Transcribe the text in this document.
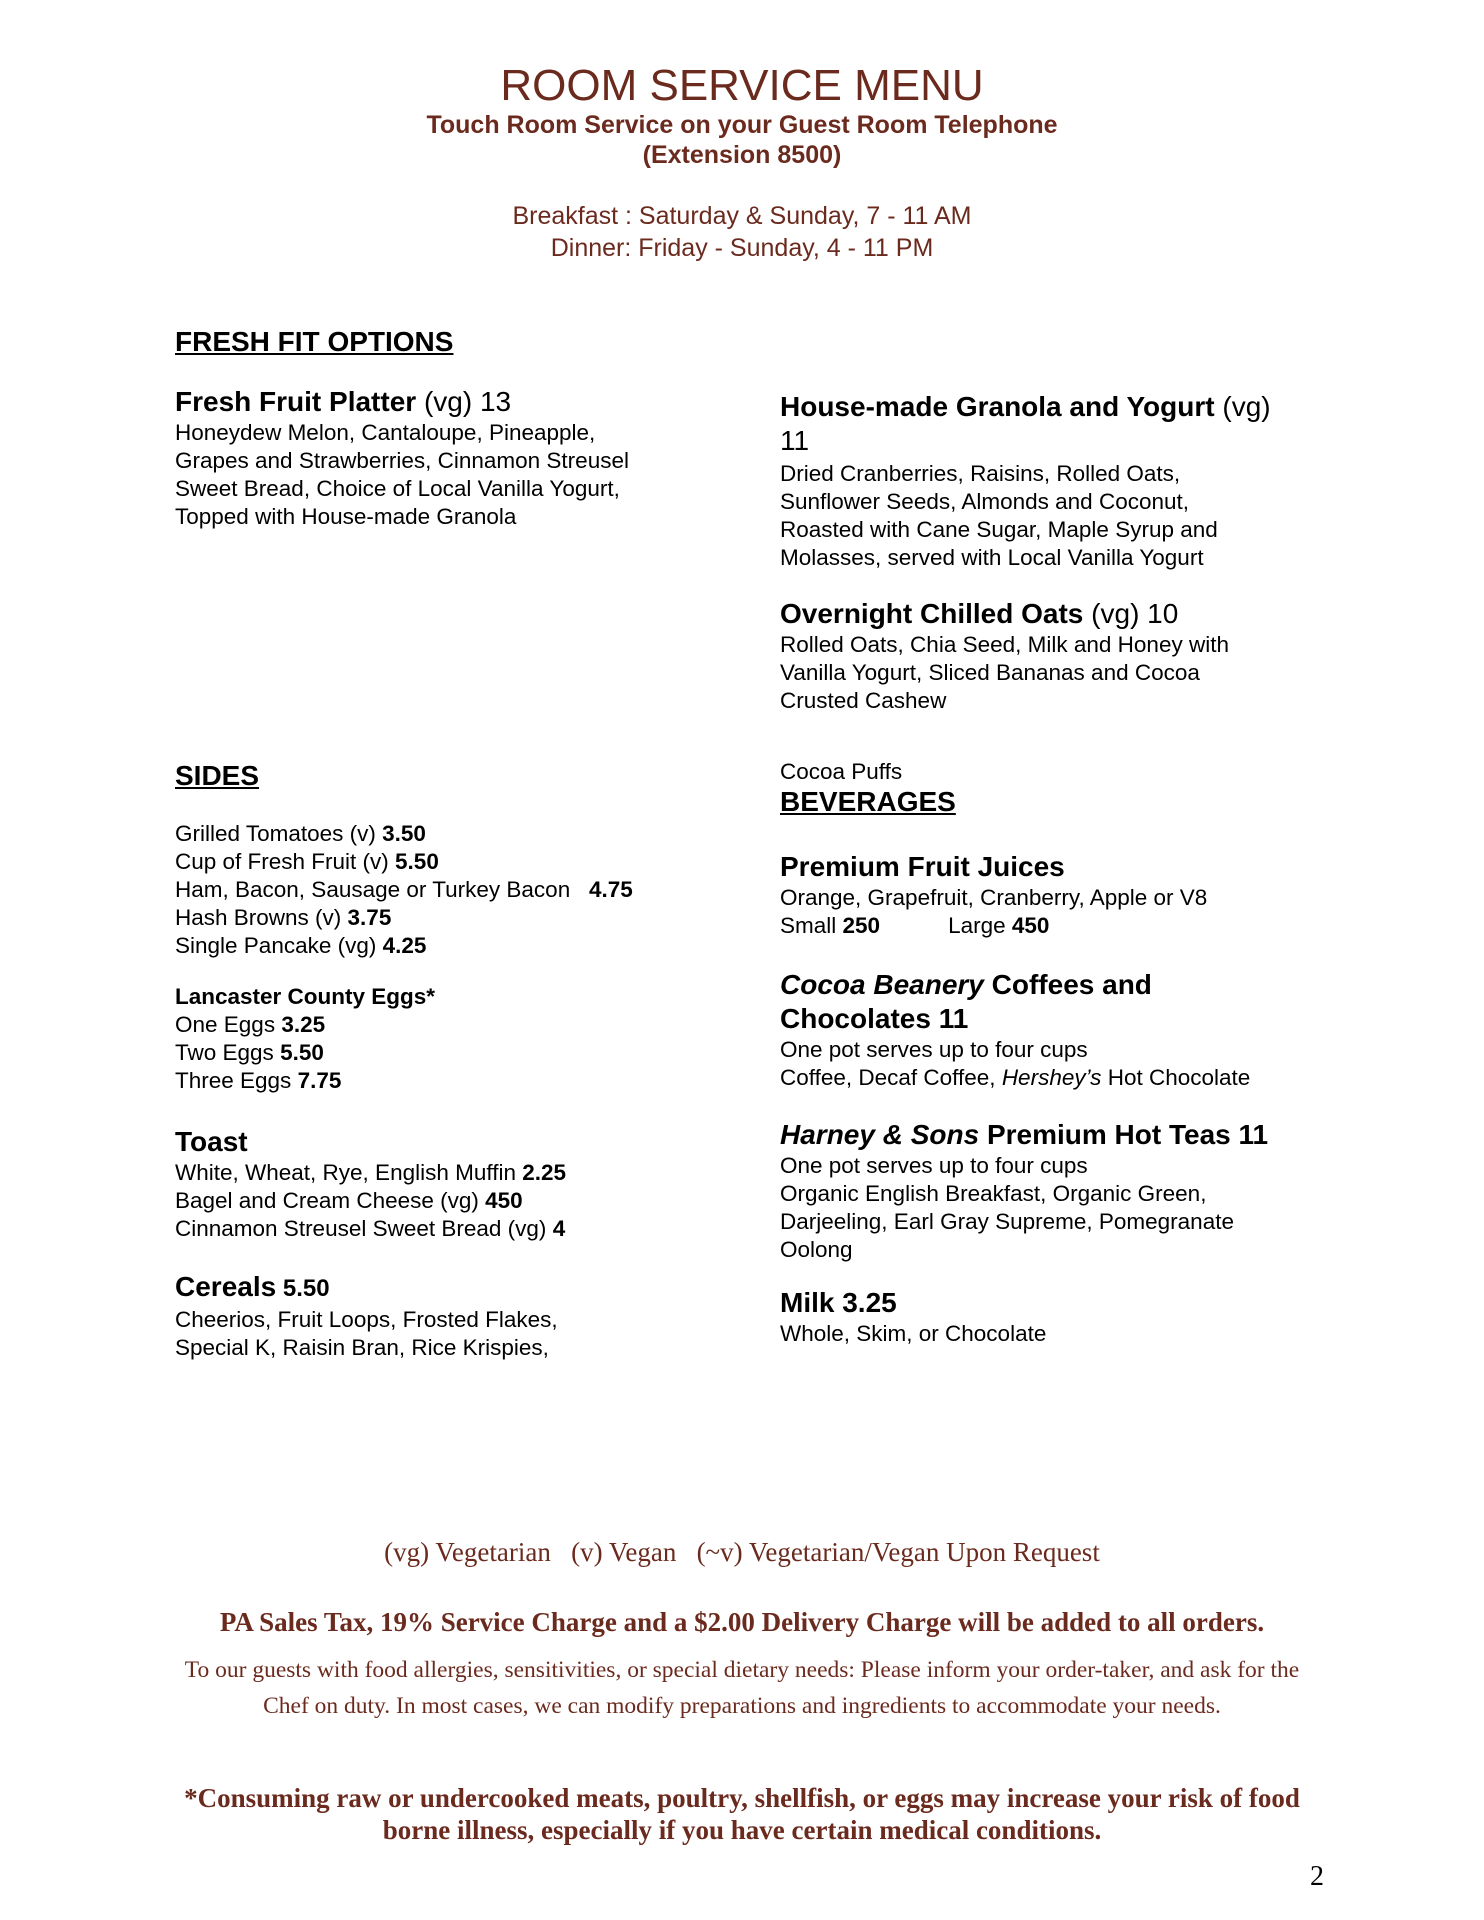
ROOM SERVICE MENU
Touch Room Service on your Guest Room Telephone
(Extension 8500)
Breakfast : Saturday & Sunday, 7 - 11 AM
Dinner: Friday - Sunday, 4 - 11 PM
FRESH FIT OPTIONS
Fresh Fruit Platter (vg) 13
Honeydew Melon, Cantaloupe, Pineapple,
Grapes and Strawberries, Cinnamon Streusel
Sweet Bread, Choice of Local Vanilla Yogurt,
Topped with House-made Granola
House-made Granola and Yogurt (vg)
11
Dried Cranberries, Raisins, Rolled Oats,
Sunflower Seeds, Almonds and Coconut,
Roasted with Cane Sugar, Maple Syrup and
Molasses, served with Local Vanilla Yogurt
Overnight Chilled Oats (vg) 10
Rolled Oats, Chia Seed, Milk and Honey with
Vanilla Yogurt, Sliced Bananas and Cocoa
Crusted Cashew
SIDES
Grilled Tomatoes (v) 3.50
Cup of Fresh Fruit (v) 5.50
Ham, Bacon, Sausage or Turkey Bacon   4.75
Hash Browns (v) 3.75
Single Pancake (vg) 4.25
Lancaster County Eggs*
One Eggs 3.25
Two Eggs 5.50
Three Eggs 7.75
Toast
White, Wheat, Rye, English Muffin 2.25
Bagel and Cream Cheese (vg) 450
Cinnamon Streusel Sweet Bread (vg) 4
Cereals 5.50
Cheerios, Fruit Loops, Frosted Flakes,
Special K, Raisin Bran, Rice Krispies,
Cocoa Puffs
BEVERAGES
Premium Fruit Juices
Orange, Grapefruit, Cranberry, Apple or V8
Small 250	Large 450
Cocoa Beanery Coffees and
Chocolates 11
One pot serves up to four cups
Coffee, Decaf Coffee, Hershey’s Hot Chocolate
Harney & Sons Premium Hot Teas 11
One pot serves up to four cups
Organic English Breakfast, Organic Green,
Darjeeling, Earl Gray Supreme, Pomegranate
Oolong
Milk 3.25
Whole, Skim, or Chocolate
(vg) Vegetarian   (v) Vegan   (~v) Vegetarian/Vegan Upon Request
PA Sales Tax, 19% Service Charge and a $2.00 Delivery Charge will be added to all orders.
To our guests with food allergies, sensitivities, or special dietary needs: Please inform your order-taker, and ask for the Chef on duty. In most cases, we can modify preparations and ingredients to accommodate your needs.
*Consuming raw or undercooked meats, poultry, shellfish, or eggs may increase your risk of food borne illness, especially if you have certain medical conditions.
2
